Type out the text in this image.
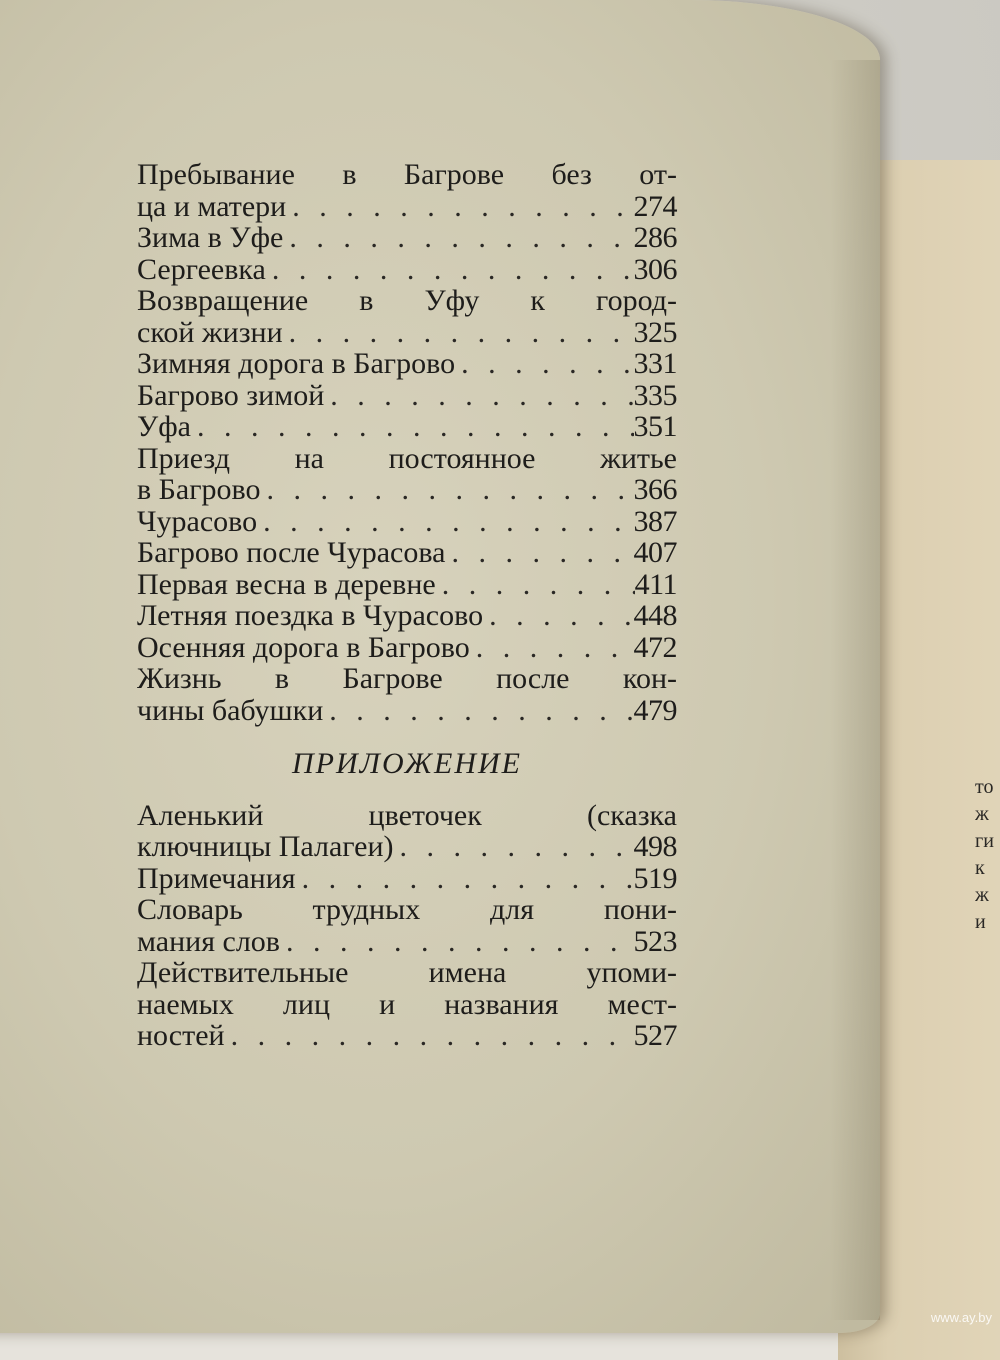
то
ж
ги
к
ж
и
Пребывание в Багрове без от-
ца и матери . . .	274
Зима в Уфе . . .	286
Сергеевка . . .	306
Возвращение в Уфу к город-
ской жизни . . .	325
Зимняя дорога в Багрово . . .	331
Багрово зимой . . .	335
Уфа . . .	351
Приезд на постоянное житье
в Багрово . . .	366
Чурасово . . .	387
Багрово после Чурасова . . .	407
Первая весна в деревне . . .	411
Летняя поездка в Чурасово . . .	448
Осенняя дорога в Багрово . . .	472
Жизнь в Багрове после кон-
чины бабушки . . .	479
ПРИЛОЖЕНИЕ
Аленький цветочек (сказка
ключницы Палагеи) . . .	498
Примечания . . .	519
Словарь трудных для пони-
мания слов . . .	523
Действительные имена упоми-
наемых лиц и названия мест-
ностей . . .	527
www.ay.by
